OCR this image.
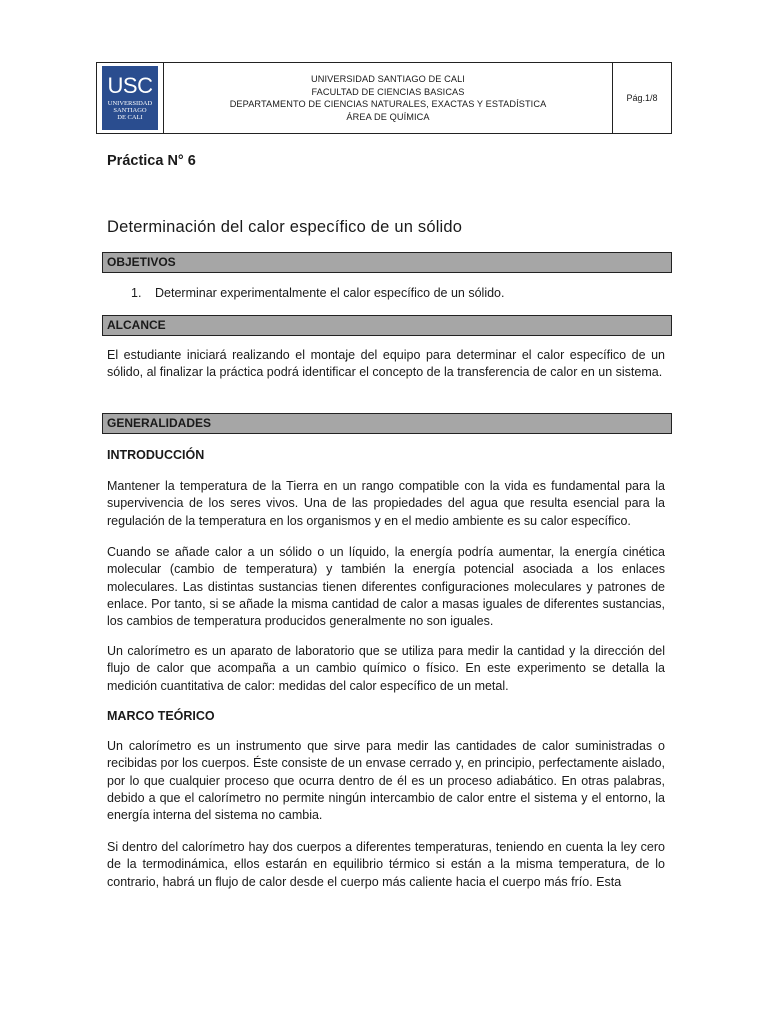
USC
UNIVERSIDAD
SANTIAGO
DE CALI
UNIVERSIDAD SANTIAGO DE CALI
FACULTAD DE CIENCIAS BASICAS
DEPARTAMENTO DE CIENCIAS NATURALES, EXACTAS Y ESTADÍSTICA
ÁREA DE QUÍMICA
Pág.1/8
Práctica N° 6
Determinación del calor específico de un sólido
OBJETIVOS
1. Determinar experimentalmente el calor específico de un sólido.
ALCANCE

El estudiante iniciará realizando el montaje del equipo para determinar el calor específico de un sólido, al finalizar la práctica podrá identificar el concepto de la transferencia de calor en un sistema.

GENERALIDADES
INTRODUCCIÓN

Mantener la temperatura de la Tierra en un rango compatible con la vida es fundamental para la supervivencia de los seres vivos. Una de las propiedades del agua que resulta esencial para la regulación de la temperatura en los organismos y en el medio ambiente es su calor específico.

Cuando se añade calor a un sólido o un líquido, la energía podría aumentar, la energía cinética molecular (cambio de temperatura) y también la energía potencial asociada a los enlaces moleculares. Las distintas sustancias tienen diferentes configuraciones moleculares y patrones de enlace. Por tanto, si se añade la misma cantidad de calor a masas iguales de diferentes sustancias, los cambios de temperatura producidos generalmente no son iguales.

Un calorímetro es un aparato de laboratorio que se utiliza para medir la cantidad y la dirección del flujo de calor que acompaña a un cambio químico o físico. En este experimento se detalla la medición cuantitativa de calor: medidas del calor específico de un metal.

MARCO TEÓRICO

Un calorímetro es un instrumento que sirve para medir las cantidades de calor suministradas o recibidas por los cuerpos. Éste consiste de un envase cerrado y, en principio, perfectamente aislado, por lo que cualquier proceso que ocurra dentro de él es un proceso adiabático. En otras palabras, debido a que el calorímetro no permite ningún intercambio de calor entre el sistema y el entorno, la energía interna del sistema no cambia.

Si dentro del calorímetro hay dos cuerpos a diferentes temperaturas, teniendo en cuenta la ley cero de la termodinámica, ellos estarán en equilibrio térmico si están a la misma temperatura, de lo contrario, habrá un flujo de calor desde el cuerpo más caliente hacia el cuerpo más frío. Esta
